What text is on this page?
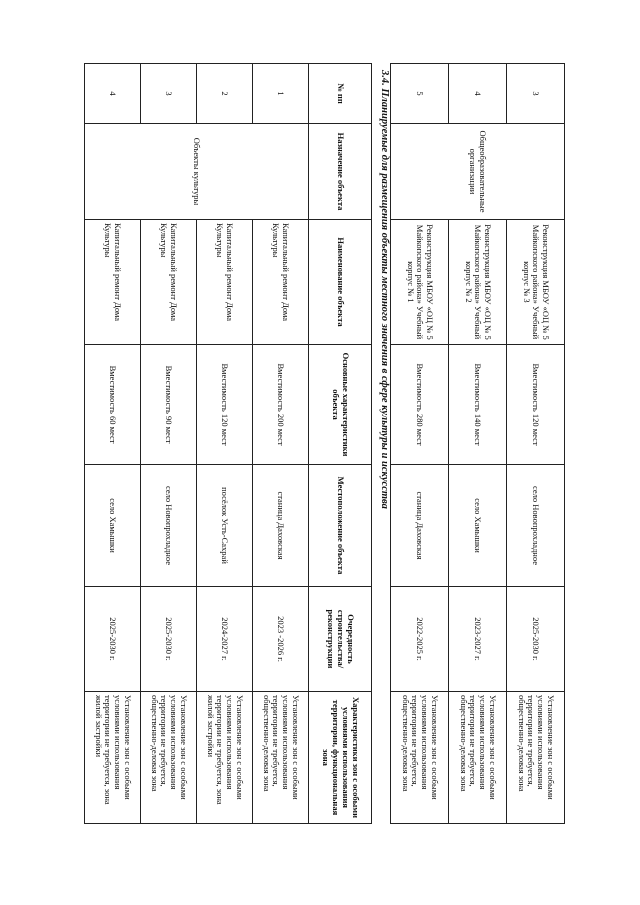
3	Общеобразовательные организации	Реконструкция МБОУ «ОЦ № 5 Майкопского района» Учебный корпус № 3	Вместимость 120 мест	село Новопрохладное	2025-2030 г.	Установление зон с особыми условиями использования территории не требуется, общественно-деловая зона
4		Реконструкция МБОУ «ОЦ № 5 Майкопского района» Учебный корпус № 2	Вместимость 140 мест	село Хамышки	2023-2027 г.	Установление зон с особыми условиями использования территории не требуется, общественно-деловая зона
5		Реконструкция МБОУ «ОЦ № 5 Майкопского района» Учебный корпус № 1	Вместимость 280 мест	станица Даховская	2022-2025 г.	Установление зон с особыми условиями использования территории не требуется, общественно-деловая зона
3.4. Планируемые для размещения объекты местного значения в сфере культуры и искусства
№ пп	Назначение объекта	Наименование объекта	Основные характеристики объекта	Местоположение объекта	Очередность строительства/ реконструкции	Характеристики зон с особыми условиями использования территории, функциональная зона
1	Объекты культуры	Капитальный ремонт Дома Культуры	Вместимость 200 мест	станица Даховская	2023 -2026 г.	Установление зон с особыми условиями использования территории не требуется, общественно-деловая зона
2		Капитальный ремонт Дома Культуры	Вместимость 120 мест	посёлок Усть-Сахрай	2024-2027 г.	Установление зон с особыми условиями использования территории не требуется, зона жилой застройки
3		Капитальный ремонт Дома Культуры	Вместимость 90 мест	село Новопрохладное	2025-2030 г.	Установление зон с особыми условиями использования территории не требуется, общественно-деловая зона
4		Капитальный ремонт Дома Культуры	Вместимость 60 мест	село Хамышки	2025-2030 г.	Установление зон с особыми условиями использования территории не требуется, зона жилой застройки
